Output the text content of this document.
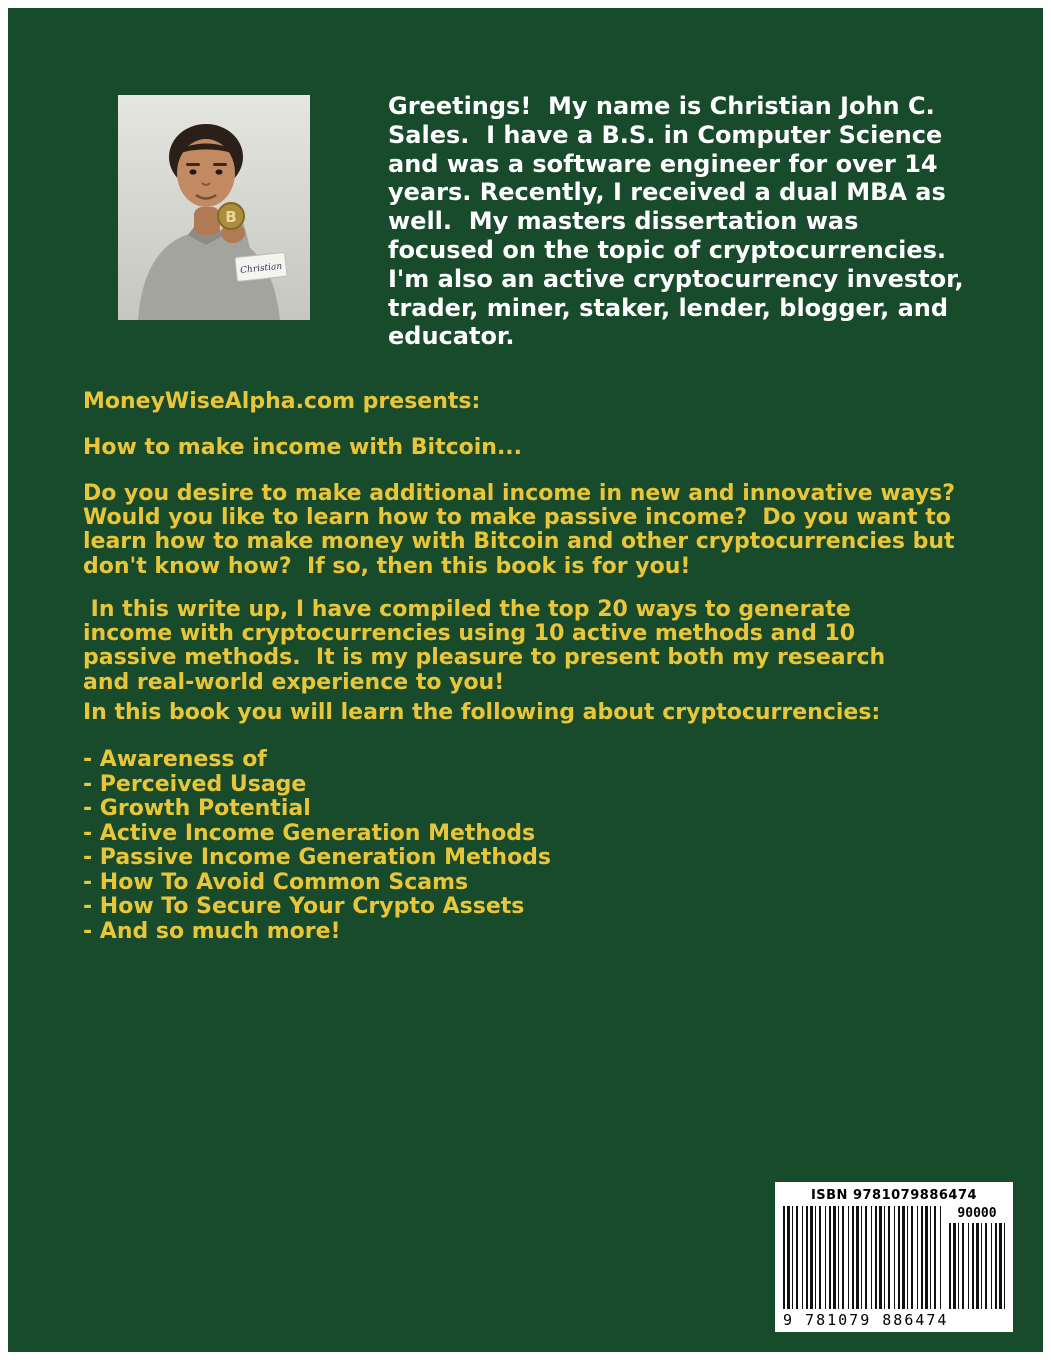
B
Christian
Greetings!  My name is Christian John C. Sales.  I have a B.S. in Computer Science and was a software engineer for over 14 years. Recently, I received a dual MBA as well.  My masters dissertation was focused on the topic of cryptocurrencies.  I'm also an active cryptocurrency investor, trader, miner, staker, lender, blogger, and educator.
MoneyWiseAlpha.com presents:
How to make income with Bitcoin...
Do you desire to make additional income in new and innovative ways?  Would you like to learn how to make passive income?  Do you want to learn how to make money with Bitcoin and other cryptocurrencies but don't know how?  If so, then this book is for you!
In this write up, I have compiled the top 20 ways to generate income with cryptocurrencies using 10 active methods and 10 passive methods.  It is my pleasure to present both my research and real-world experience to you!
In this book you will learn the following about cryptocurrencies:
- Awareness of
- Perceived Usage
- Growth Potential
- Active Income Generation Methods
- Passive Income Generation Methods
- How To Avoid Common Scams
- How To Secure Your Crypto Assets
- And so much more!
ISBN 9781079886474
90000
9 781079 886474
